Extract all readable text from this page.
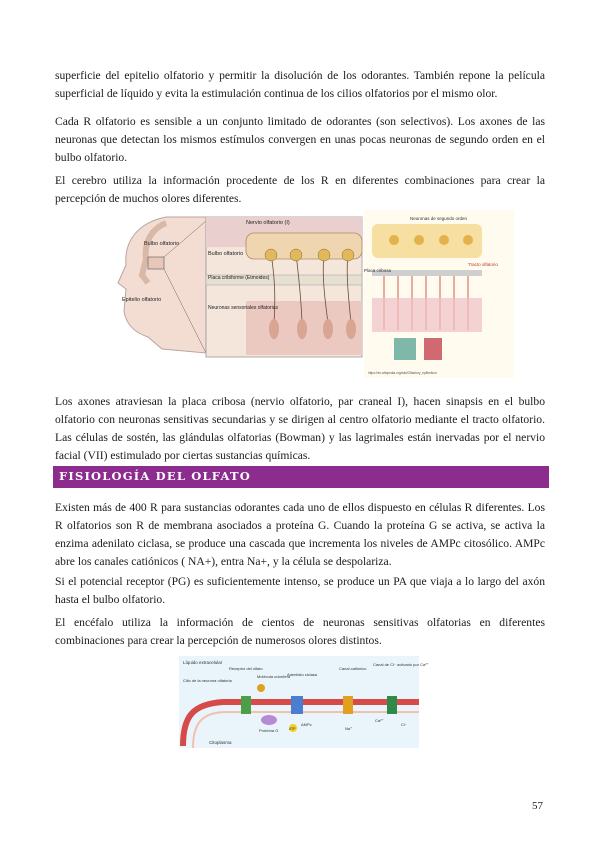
superficie del epitelio olfatorio y permitir la disolución de los odorantes. También repone la película superficial de líquido y evita la estimulación continua de los cilios olfatorios por el mismo olor.

Cada R olfatorio es sensible a un conjunto limitado de odorantes (son selectivos). Los axones de las neuronas que detectan los mismos estímulos convergen en unas pocas neuronas de segundo orden en el bulbo olfatorio.

El cerebro utiliza la información procedente de los R en diferentes combinaciones para crear la percepción de muchos olores diferentes.

Nervio olfatorio (I)
Bulbo olfatorio
Bulbo olfatorio
Placa cribiforme (Etmoides)
Neuronas sensoriales olfatorias
Epitelio olfatorio
Neuronas de segundo orden
Tracto olfatorio
Placa cribosa
https://en.wikipedia.org/wiki/Olfactory_epithelium

Los axones atraviesan la placa cribosa (nervio olfatorio, par craneal I), hacen sinapsis en el bulbo olfatorio con neuronas sensitivas secundarias y se dirigen al centro olfatorio mediante el tracto olfatorio. Las células de sostén, las glándulas olfatorias (Bowman) y las lagrimales están inervadas por el nervio facial (VII) estimulado por ciertas sustancias químicas.

FISIOLOGÍA DEL OLFATO

Existen más de 400 R para sustancias odorantes cada uno de ellos dispuesto en células R diferentes. Los R olfatorios son R de membrana asociados a proteína G. Cuando la proteína G se activa, se activa la enzima adenilato ciclasa, se produce una cascada que incrementa los niveles de AMPc citosólico. AMPc abre los canales catiónicos ( NA+), entra Na+, y la célula se despolariza.

Si el potencial receptor (PG) es suficientemente intenso, se produce un PA que viaja a lo largo del axón hasta el bulbo olfatorio.

El encéfalo utiliza la información de cientos de neuronas sensitivas olfatorias en diferentes combinaciones para crear la percepción de numerosos olores distintos.

Líquido extracelular
Cilio de la neurona olfatoria
Receptor del olfato
Molécula odorífera
Adenilato ciclasa
Canal catiónico
Canal de Cl⁻ activado por Ca²⁺
Proteína G	ATP
AMPc
Na⁺
Ca²⁺
Cl⁻
Citoplasma
57
